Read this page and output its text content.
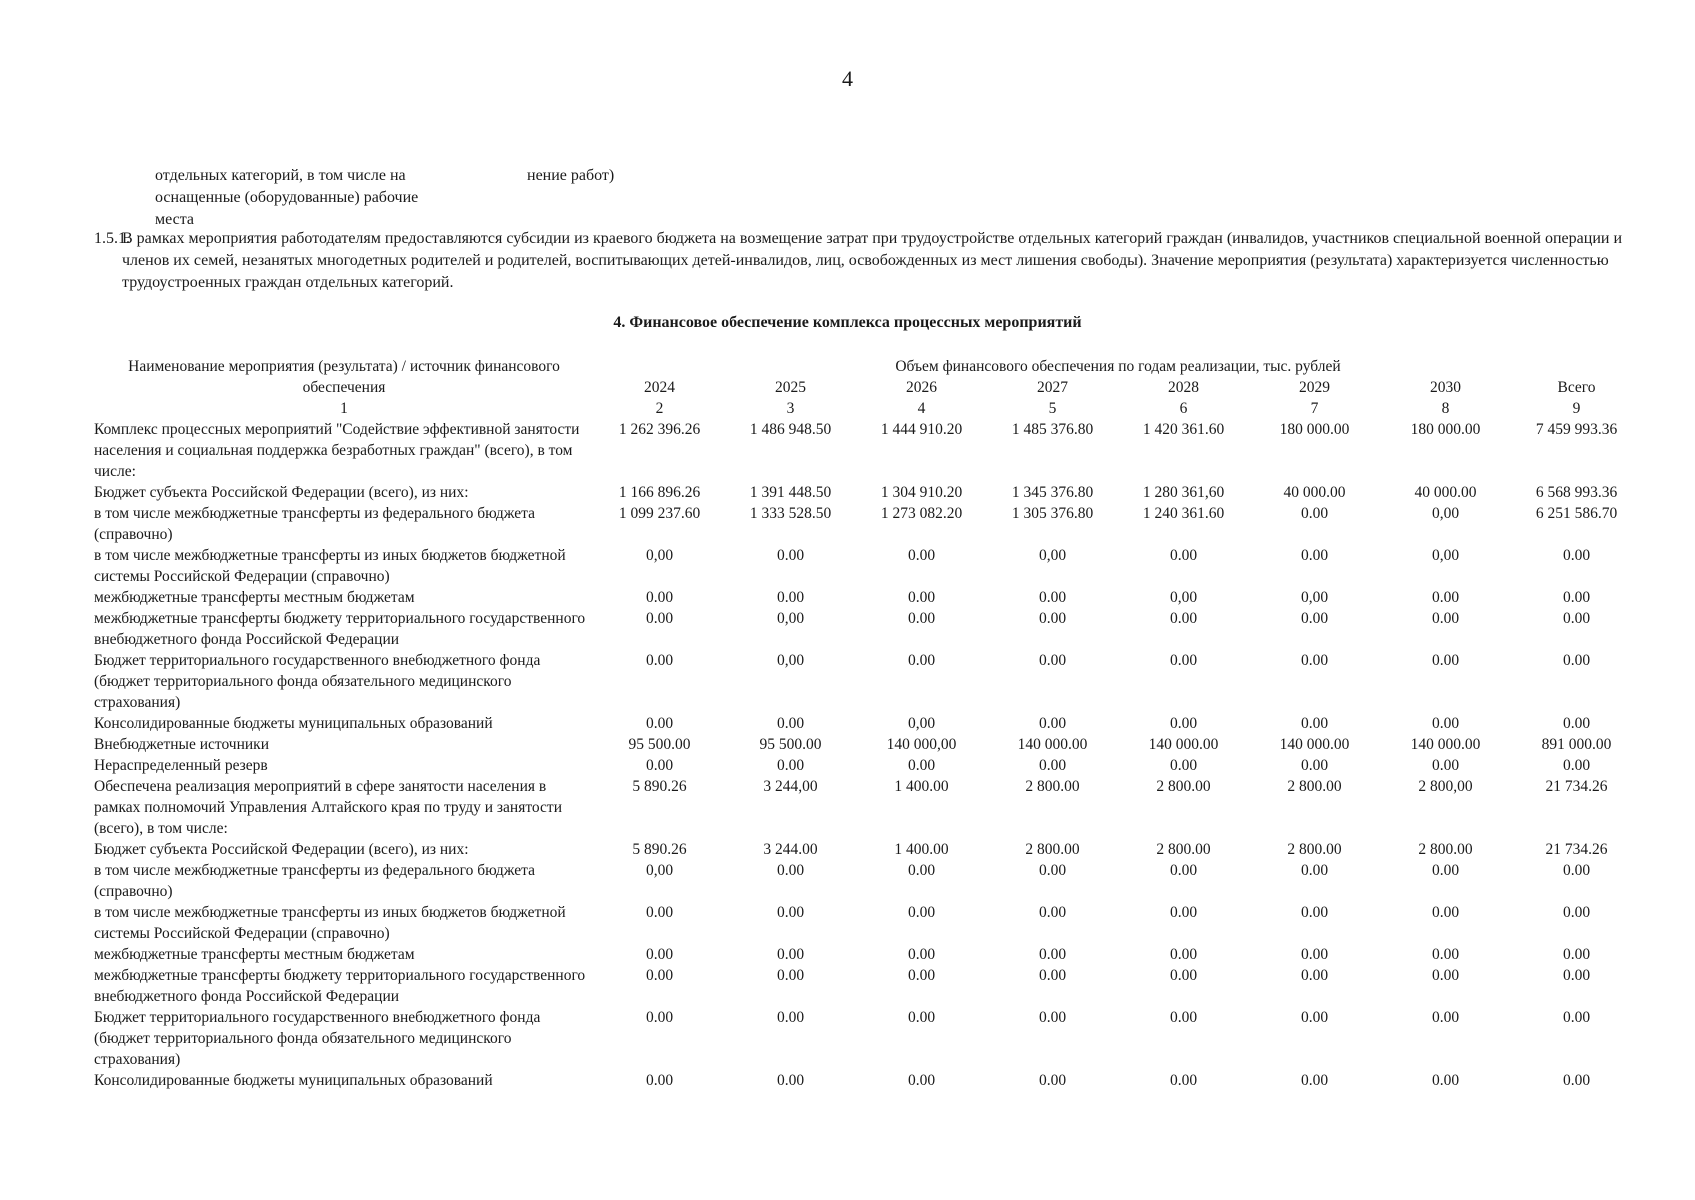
4
отдельных категорий, в том числе на
оснащенные (оборудованные) рабочие
места
нение работ)
1.5.1.
В рамках мероприятия работодателям предоставляются субсидии из краевого бюджета на возмещение затрат при трудоустройстве отдельных категорий граждан (инвалидов, участников специальной военной операции и членов их семей, незанятых многодетных родителей и родителей, воспитывающих детей-инвалидов, лиц, освобожденных из мест лишения свободы). Значение мероприятия (результата) характеризуется численностью трудоустроенных граждан отдельных категорий.
4. Финансовое обеспечение комплекса процессных мероприятий
Наименование мероприятия (результата) / источник финансового обеспечения	Объем финансового обеспечения по годам реализации, тыс. рублей							
	2024	2025	2026	2027	2028	2029	2030	Всего
1	2	3	4	5	6	7	8	9
Комплекс процессных мероприятий "Содействие эффективной занятости населения и социальная поддержка безработных граждан" (всего), в том числе:	1 262 396.26	1 486 948.50	1 444 910.20	1 485 376.80	1 420 361.60	180 000.00	180 000.00	7 459 993.36
Бюджет субъекта Российской Федерации (всего), из них:	1 166 896.26	1 391 448.50	1 304 910.20	1 345 376.80	1 280 361,60	40 000.00	40 000.00	6 568 993.36
в том числе межбюджетные трансферты из федерального бюджета (справочно)	1 099 237.60	1 333 528.50	1 273 082.20	1 305 376.80	1 240 361.60	0.00	0,00	6 251 586.70
в том числе межбюджетные трансферты из иных бюджетов бюджетной системы Российской Федерации (справочно)	0,00	0.00	0.00	0,00	0.00	0.00	0,00	0.00
межбюджетные трансферты местным бюджетам	0.00	0.00	0.00	0.00	0,00	0,00	0.00	0.00
межбюджетные трансферты бюджету территориального государственного внебюджетного фонда Российской Федерации	0.00	0,00	0.00	0.00	0.00	0.00	0.00	0.00
Бюджет территориального государственного внебюджетного фонда (бюджет территориального фонда обязательного медицинского страхования)	0.00	0,00	0.00	0.00	0.00	0.00	0.00	0.00
Консолидированные бюджеты муниципальных образований	0.00	0.00	0,00	0.00	0.00	0.00	0.00	0.00
Внебюджетные источники	95 500.00	95 500.00	140 000,00	140 000.00	140 000.00	140 000.00	140 000.00	891 000.00
Нераспределенный резерв	0.00	0.00	0.00	0.00	0.00	0.00	0.00	0.00
Обеспечена реализация мероприятий в сфере занятости населения в рамках полномочий Управления Алтайского края по труду и занятости (всего), в том числе:	5 890.26	3 244,00	1 400.00	2 800.00	2 800.00	2 800.00	2 800,00	21 734.26
Бюджет субъекта Российской Федерации (всего), из них:	5 890.26	3 244.00	1 400.00	2 800.00	2 800.00	2 800.00	2 800.00	21 734.26
в том числе межбюджетные трансферты из федерального бюджета (справочно)	0,00	0.00	0.00	0.00	0.00	0.00	0.00	0.00
в том числе межбюджетные трансферты из иных бюджетов бюджетной системы Российской Федерации (справочно)	0.00	0.00	0.00	0.00	0.00	0.00	0.00	0.00
межбюджетные трансферты местным бюджетам	0.00	0.00	0.00	0.00	0.00	0.00	0.00	0.00
межбюджетные трансферты бюджету территориального государственного внебюджетного фонда Российской Федерации	0.00	0.00	0.00	0.00	0.00	0.00	0.00	0.00
Бюджет территориального государственного внебюджетного фонда (бюджет территориального фонда обязательного медицинского страхования)	0.00	0.00	0.00	0.00	0.00	0.00	0.00	0.00
Консолидированные бюджеты муниципальных образований	0.00	0.00	0.00	0.00	0.00	0.00	0.00	0.00
